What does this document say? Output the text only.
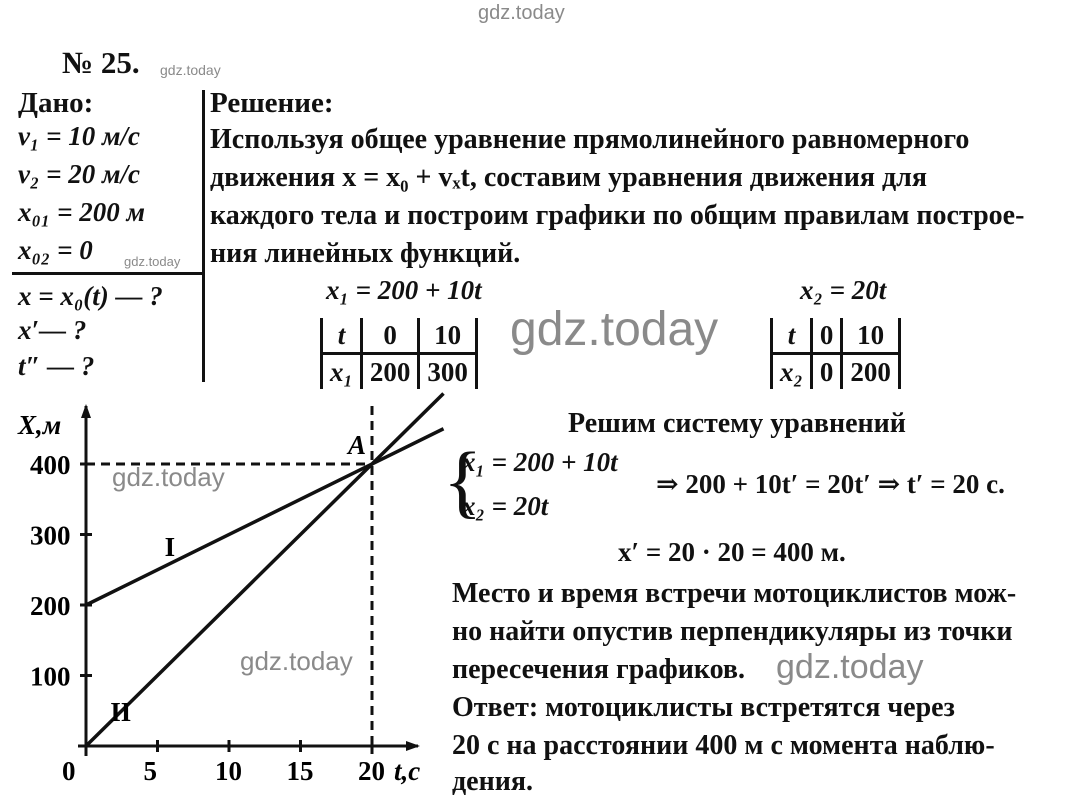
gdz.today
№ 25. gdz.today
Дано:
v₁ = 10 м/с
v₂ = 20 м/с
x₀₁ = 200 м
x₀₂ = 0 gdz.today
x = x₀(t) — ?
x′— ?
t″ — ?
Решение:
Используя общее уравнение прямолинейного равномерного
движения x = x₀ + vₓt, составим уравнения движения для
каждого тела и построим графики по общим правилам построе-
ния линейных функций.
x₁ = 200 + 10t	x₂ = 20t
t	0	10
x₁	200	300
gdz.today	t	0	10
x₂	0	200
Решим систему уравнений
{
x₁ = 200 + 10t
x₂ = 20t
⇒ 200 + 10t′ = 20t′ ⇒ t′ = 20 с.
x′ = 20 · 20 = 400 м.
Место и время встречи мотоциклистов мож-
но найти опустив перпендикуляры из точки
пересечения графиков. gdz.today
Ответ: мотоциклисты встретятся через
20 с на расстоянии 400 м с момента наблю-
дения.
100
200
300
400
5 10 15 20
X,м
t,с
0
A
I
II
gdz.today
gdz.today
